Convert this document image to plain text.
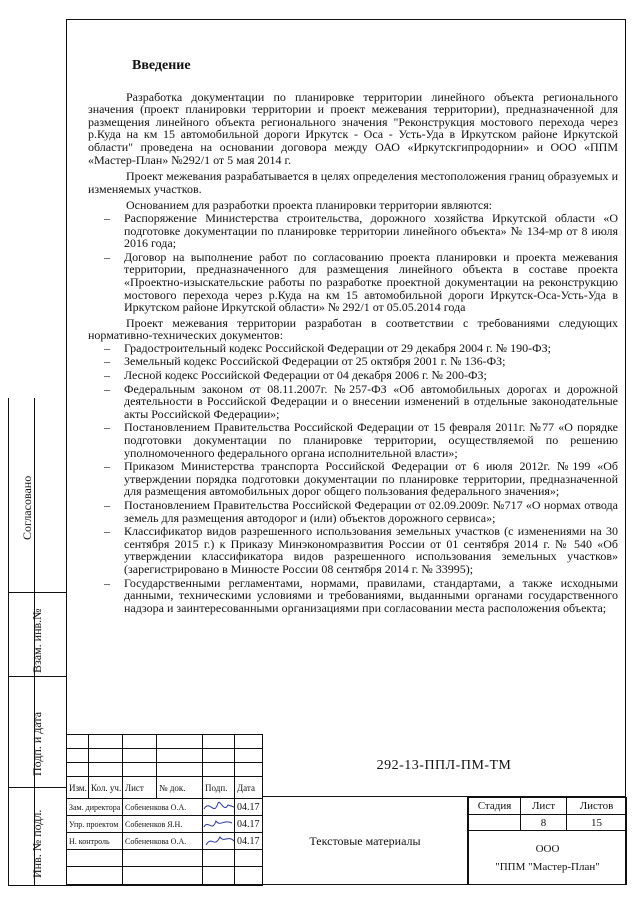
Согласовано
Взам. инв.№
Подп. и дата
Инв. № подл.
Введение

Разработка документации по планировке территории линейного объекта регионального значения (проект планировки территории и проект межевания территории), предназначенной для размещения линейного объекта регионального значения "Реконструкция мостового перехода через р.Куда на км 15 автомобильной дороги Иркутск - Оса - Усть-Уда в Иркутском районе Иркутской области" проведена на основании договора между ОАО «Иркутскгипродорнии» и ООО «ППМ «Мастер-План» №292/1 от 5 мая 2014 г.

Проект межевания разрабатывается в целях определения местоположения границ образуемых и изменяемых участков.

Основанием для разработки проекта планировки территории являются:

– Распоряжение Министерства строительства, дорожного хозяйства Иркутской области «О подготовке документации по планировке территории линейного объекта» № 134-мр от 8 июля 2016 года;
– Договор на выполнение работ по согласованию проекта планировки и проекта межевания территории, предназначенного для размещения линейного объекта в составе проекта «Проектно-изыскательские работы по разработке проектной документации на реконструкцию мостового перехода через р.Куда на км 15 автомобильной дороги Иркутск-Оса-Усть-Уда в Иркутском районе Иркутской области» № 292/1 от 05.05.2014 года

Проект межевания территории разработан в соответствии с требованиями следующих нормативно-технических документов:

– Градостроительный кодекс Российской Федерации от 29 декабря 2004 г. № 190-ФЗ;
– Земельный кодекс Российской Федерации от 25 октября 2001 г. № 136-ФЗ;
– Лесной кодекс Российской Федерации от 04 декабря 2006 г. № 200-ФЗ;
– Федеральным законом от 08.11.2007г. №257-ФЗ «Об автомобильных дорогах и дорожной деятельности в Российской Федерации и о внесении изменений в отдельные законодательные акты Российской Федерации»;
– Постановлением Правительства Российской Федерации от 15 февраля 2011г. №77 «О порядке подготовки документации по планировке территории, осуществляемой по решению уполномоченного федерального органа исполнительной власти»;
– Приказом Министерства транспорта Российской Федерации от 6 июля 2012г. №199 «Об утверждении порядка подготовки документации по планировке территории, предназначенной для размещения автомобильных дорог общего пользования федерального значения»;
– Постановлением Правительства Российской Федерации от 02.09.2009г. №717 «О нормах отвода земель для размещения автодорог и (или) объектов дорожного сервиса»;
– Классификатор видов разрешенного использования земельных участков (с изменениями на 30 сентября 2015 г.) к Приказу Минэкономразвития России от 01 сентября 2014 г. № 540 «Об утверждении классификатора видов разрешенного использования земельных участков» (зарегистрировано в Минюсте России 08 сентября 2014 г. № 33995);
– Государственными регламентами, нормами, правилами, стандартами, а также исходными данными, техническими условиями и требованиями, выданными органами государственного надзора и заинтересованными организациями при согласовании места расположения объекта;

Изм.	Кол. уч.	Лист	№ док.	Подп.	Дата
Зам. директора		Собененкова О.А.			04.17
Упр. проектом		Собененков Я.Н.			04.17
Н. контроль		Собененкова О.А.			04.17

292-13-ППЛ-ПМ-ТМ
Текстовые материалы
Стадия	Лист	Листов
	8	15

ООО
"ППМ "Мастер-План"		
